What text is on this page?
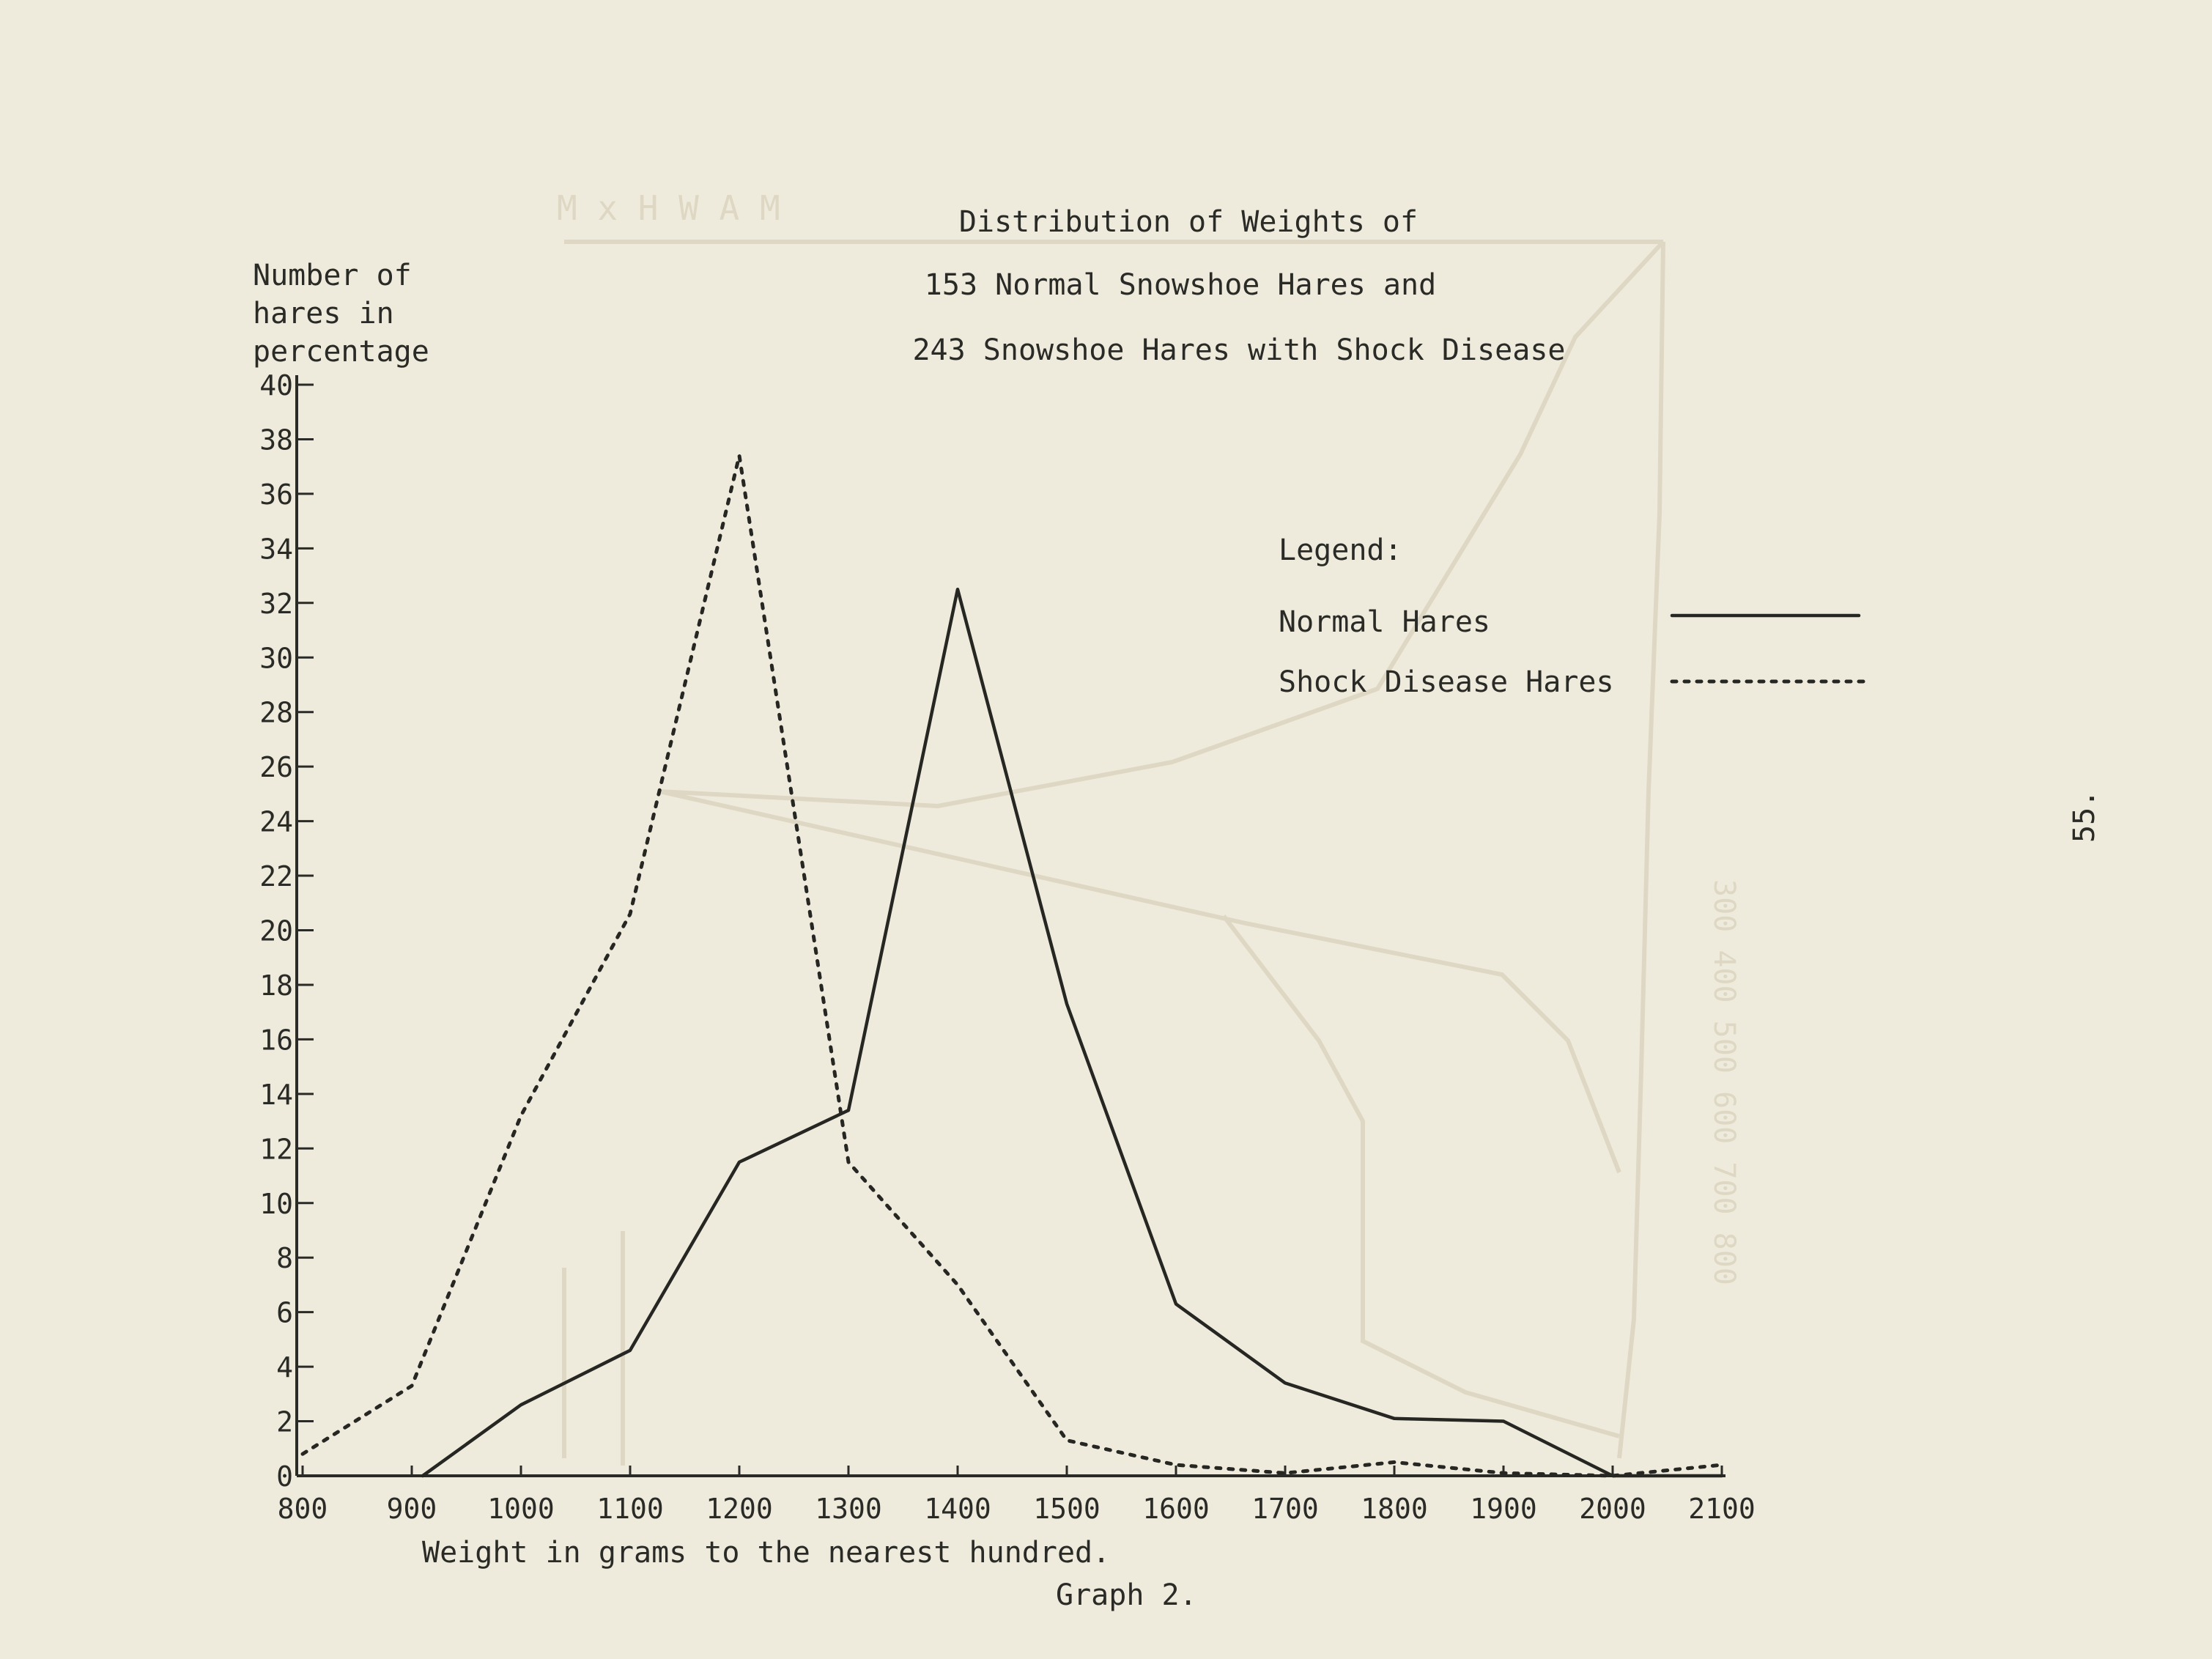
M x H W A M
300 400 500 600 700 800
Distribution of Weights of
153 Normal Snowshoe Hares and
243 Snowshoe Hares with Shock Disease
Number of
hares in
percentage
0
2
4
6
8
10
12
14
16
18
20
22
24
26
28
30
32
34
36
38
40
800 900 1000 1100 1200 1300 1400 1500 1600 1700 1800 1900 2000 2100
Legend:
Normal Hares
Shock Disease Hares
Weight in grams to the nearest hundred.
Graph 2.
55.
